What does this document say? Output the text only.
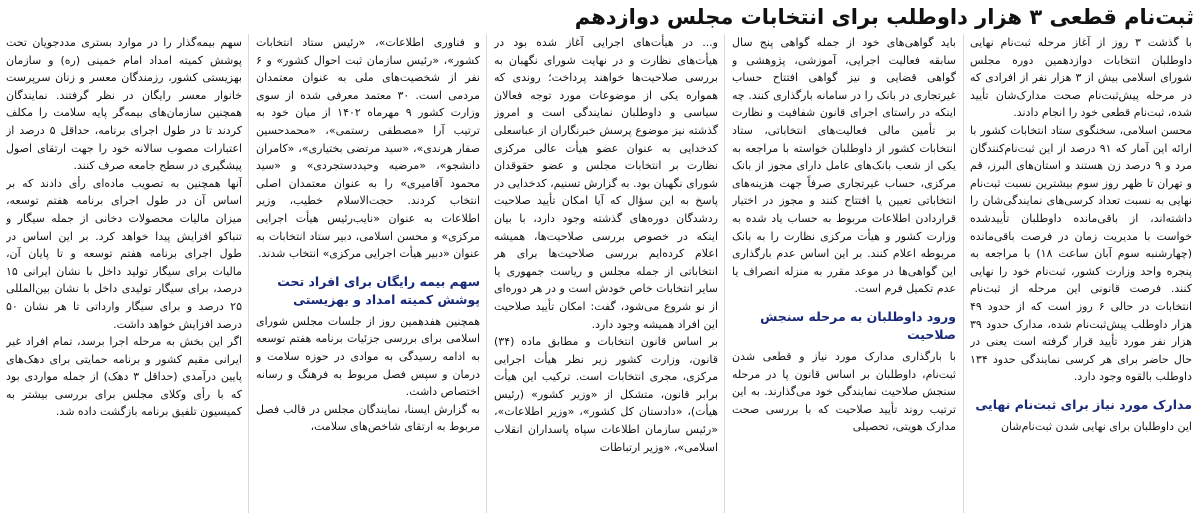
ثبت‌نام قطعی ۳ هزار داوطلب برای انتخابات مجلس دوازدهم

با گذشت ۳ روز از آغاز مرحله ثبت‌نام نهایی داوطلبان انتخابات دوازدهمین دوره مجلس شورای اسلامی بیش از ۳ هزار نفر از افرادی که در مرحله پیش‌ثبت‌نام صحت مدارک‌شان تأیید شده، ثبت‌نام قطعی خود را انجام دادند.

محسن اسلامی، سخنگوی ستاد انتخابات کشور با ارائه این آمار که ۹۱ درصد از این ثبت‌نام‌کنندگان مرد و ۹ درصد زن هستند و استان‌های البرز، قم و تهران تا ظهر روز سوم بیشترین نسبت ثبت‌نام نهایی به نسبت تعداد کرسی‌های نمایندگی‌شان را داشته‌اند، از باقی‌مانده داوطلبان تأییدشده خواست با مدیریت زمان در فرصت باقی‌مانده (چهارشنبه سوم آبان ساعت ۱۸) با مراجعه به پنجره واحد وزارت کشور، ثبت‌نام خود را نهایی کنند. فرصت قانونی این مرحله از ثبت‌نام انتخابات در حالی ۶ روز است که از حدود ۴۹ هزار داوطلب پیش‌ثبت‌نام شده، مدارک حدود ۳۹ هزار نفر مورد تأیید قرار گرفته است یعنی در حال حاضر برای هر کرسی نمایندگی حدود ۱۳۴ داوطلب بالقوه وجود دارد.

مدارک مورد نیاز برای ثبت‌نام نهایی

این داوطلبان برای نهایی شدن ثبت‌نام‌شان

باید گواهی‌های خود از جمله گواهی پنج سال سابقه فعالیت اجرایی، آموزشی، پژوهشی و گواهی قضایی و نیز گواهی افتتاح حساب غیرتجاری در بانک را در سامانه بارگذاری کنند. چه اینکه در راستای اجرای قانون شفافیت و نظارت بر تأمین مالی فعالیت‌های انتخاباتی، ستاد انتخابات کشور از داوطلبان خواسته با مراجعه به یکی از شعب بانک‌های عامل دارای مجوز از بانک مرکزی، حساب غیرتجاری صرفاً جهت هزینه‌های انتخاباتی تعیین یا افتتاح کنند و مجوز در اختیار قراردادن اطلاعات مربوط به حساب یاد شده به وزارت کشور و هیأت مرکزی نظارت را به بانک مربوطه اعلام کنند. بر این اساس عدم بارگذاری این گواهی‌ها در موعد مقرر به منزله انصراف یا عدم تکمیل فرم است.

ورود داوطلبان به مرحله سنجش صلاحیت

با بارگذاری مدارک مورد نیاز و قطعی شدن ثبت‌نام، داوطلبان بر اساس قانون پا در مرحله سنجش صلاحیت نمایندگی خود می‌گذارند. به این ترتیب روند تأیید صلاحیت که با بررسی صحت مدارک هویتی، تحصیلی

و... در هیأت‌های اجرایی آغاز شده بود در هیأت‌های نظارت و در نهایت شورای نگهبان به بررسی صلاحیت‌ها خواهند پرداخت؛ روندی که همواره یکی از موضوعات مورد توجه فعالان سیاسی و داوطلبان نمایندگی است و امروز گذشته نیز موضوع پرسش خبرنگاران از عباسعلی کدخدایی به عنوان عضو هیأت عالی مرکزی نظارت بر انتخابات مجلس و عضو حقوقدان شورای نگهبان بود. به گزارش تسنیم، کدخدایی در پاسخ به این سؤال که آیا امکان تأیید صلاحیت ردشدگان دوره‌های گذشته وجود دارد، با بیان اینکه در خصوص بررسی صلاحیت‌ها، همیشه اعلام کرده‌ایم بررسی صلاحیت‌ها برای هر انتخاباتی از جمله مجلس و ریاست جمهوری یا سایر انتخابات خاص خودش است و در هر دوره‌ای از نو شروع می‌شود، گفت: امکان تأیید صلاحیت این افراد همیشه وجود دارد.

بر اساس قانون انتخابات و مطابق ماده (۳۴) قانون، وزارت کشور زیر نظر هیأت اجرایی مرکزی، مجری انتخابات است. ترکیب این هیأت برابر قانون، متشکل از «وزیر کشور» (رئیس هیأت)، «دادستان کل کشور»، «وزیر اطلاعات»، «رئیس سازمان اطلاعات سپاه پاسداران انقلاب اسلامی»، «وزیر ارتباطات

و فناوری اطلاعات»، «رئیس ستاد انتخابات کشور»، «رئیس سازمان ثبت احوال کشور» و ۶ نفر از شخصیت‌های ملی به عنوان معتمدان مردمی است. ۳۰ معتمد معرفی شده از سوی وزارت کشور ۹ مهرماه ۱۴۰۲ از میان خود به ترتیب آرا «مصطفی رستمی»، «محمدحسین صفار هرندی»، «سید مرتضی بختیاری»، «کامران دانشجو»، «مرضیه وحیددستجردی» و «سید محمود آقامیری» را به عنوان معتمدان اصلی انتخاب کردند. حجت‌الاسلام خطیب، وزیر اطلاعات به عنوان «نایب‌رئیس هیأت اجرایی مرکزی» و محسن اسلامی، دبیر ستاد انتخابات به عنوان «دبیر هیأت اجرایی مرکزی» انتخاب شدند.

سهم بیمه رایگان برای افراد تحت پوشش کمیته امداد و بهزیستی

همچنین هفدهمین روز از جلسات مجلس شورای اسلامی برای بررسی جزئیات برنامه هفتم توسعه به ادامه رسیدگی به موادی در حوزه سلامت و درمان و سپس فصل مربوط به فرهنگ و رسانه اختصاص داشت.

به گزارش ایسنا، نمایندگان مجلس در قالب فصل مربوط به ارتقای شاخص‌های سلامت،

سهم بیمه‌گذار را در موارد بستری مددجویان تحت پوشش کمیته امداد امام خمینی (ره) و سازمان بهزیستی کشور، رزمندگان معسر و زنان سرپرست خانوار معسر رایگان در نظر گرفتند. نمایندگان همچنین سازمان‌های بیمه‌گر پایه سلامت را مکلف کردند تا در طول اجرای برنامه، حداقل ۵ درصد از اعتبارات مصوب سالانه خود را جهت ارتقای اصول پیشگیری در سطح جامعه صرف کنند.

آنها همچنین به تصویب ماده‌ای رأی دادند که بر اساس آن در طول اجرای برنامه هفتم توسعه، میزان مالیات محصولات دخانی از جمله سیگار و تنباکو افزایش پیدا خواهد کرد. بر این اساس در طول اجرای برنامه هفتم توسعه و تا پایان آن، مالیات برای سیگار تولید داخل با نشان ایرانی ۱۵ درصد، برای سیگار تولیدی داخل با نشان بین‌المللی ۲۵ درصد و برای سیگار وارداتی تا هر نشان ۵۰ درصد افزایش خواهد داشت.

اگر این بخش به مرحله اجرا برسد، تمام افراد غیر ایرانی مقیم کشور و برنامه حمایتی برای دهک‌های پایین درآمدی (حداقل ۳ دهک) از جمله مواردی بود که با رأی وکلای مجلس برای بررسی بیشتر به کمیسیون تلفیق برنامه بازگشت داده شد.
